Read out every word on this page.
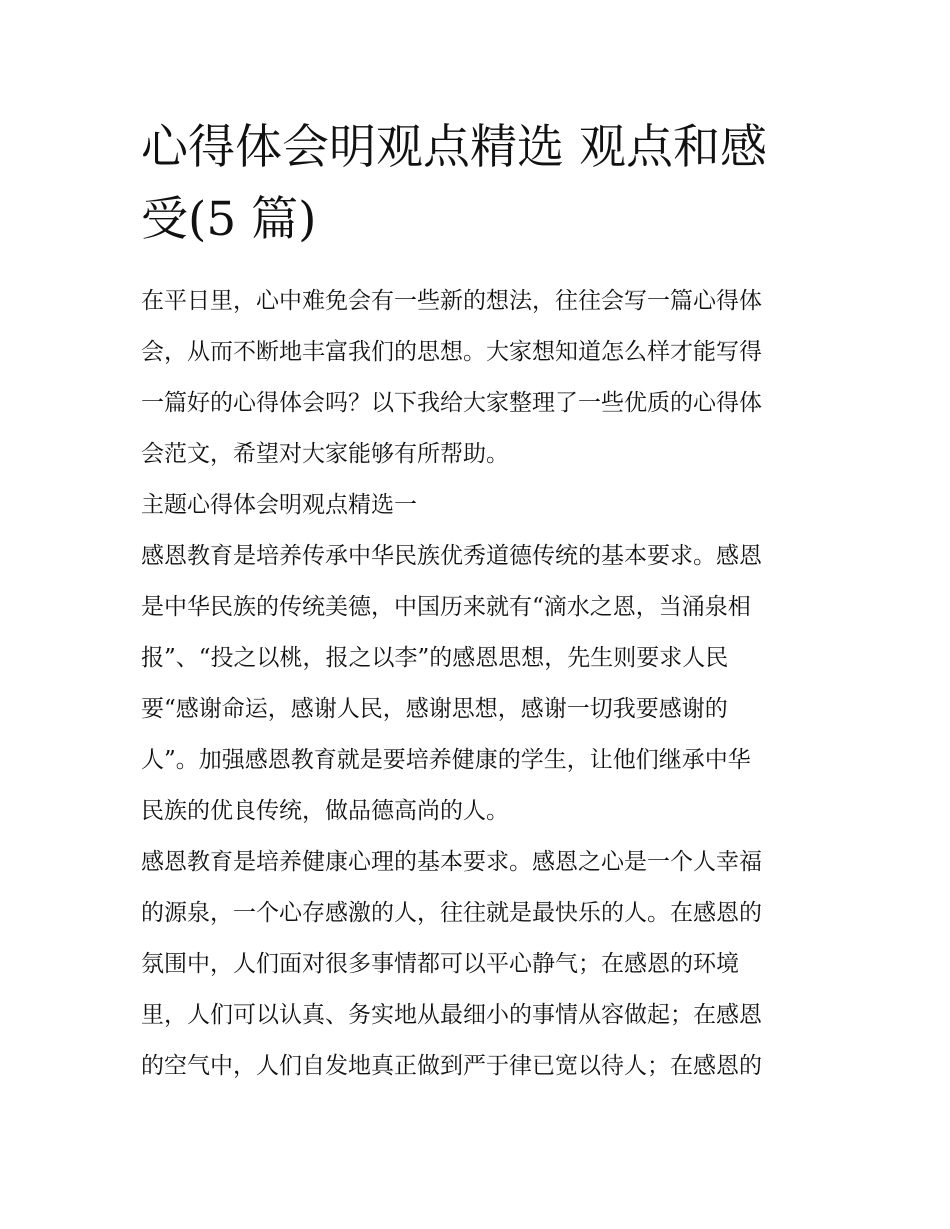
心得体会明观点精选 观点和感
受(5 篇)

在平日里，心中难免会有一些新的想法，往往会写一篇心得体
会，从而不断地丰富我们的思想。大家想知道怎么样才能写得
一篇好的心得体会吗？以下我给大家整理了一些优质的心得体
会范文，希望对大家能够有所帮助。

主题心得体会明观点精选一

感恩教育是培养传承中华民族优秀道德传统的基本要求。感恩
是中华民族的传统美德，中国历来就有“滴水之恩，当涌泉相
报”、“投之以桃，报之以李”的感恩思想，先生则要求人民
要“感谢命运，感谢人民，感谢思想，感谢一切我要感谢的
人”。加强感恩教育就是要培养健康的学生，让他们继承中华
民族的优良传统，做品德高尚的人。

感恩教育是培养健康心理的基本要求。感恩之心是一个人幸福
的源泉，一个心存感激的人，往往就是最快乐的人。在感恩的
氛围中，人们面对很多事情都可以平心静气；在感恩的环境
里，人们可以认真、务实地从最细小的事情从容做起；在感恩
的空气中，人们自发地真正做到严于律已宽以待人；在感恩的
